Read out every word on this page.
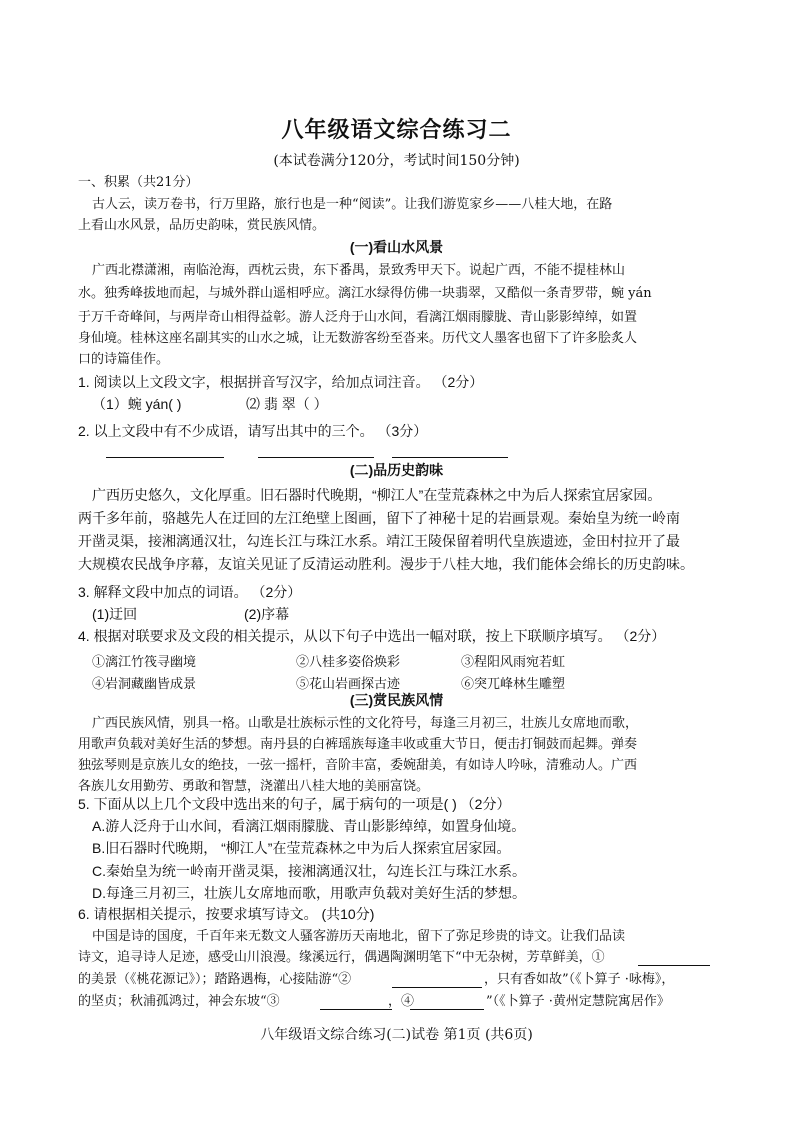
八年级语文综合练习二
(本试卷满分120分，考试时间150分钟)
一、积累（共21分）
古人云，读万卷书，行万里路，旅行也是一种“阅读”。让我们游览家乡——八桂大地，在路
上看山水风景，品历史韵味，赏民族风情。
(一)看山水风景
广西北襟潇湘，南临沧海，西枕云贵，东下番禺，景致秀甲天下。说起广西，不能不提桂林山
水。独秀峰拔地而起，与城外群山遥相呼应。漓江水绿得仿佛一块翡翠，又酷似一条青罗带，蜿 yán
于万千奇峰间，与两岸奇山相得益彰。游人泛舟于山水间，看漓江烟雨朦胧、青山影影绰绰，如置
身仙境。桂林这座名副其实的山水之城，让无数游客纷至沓来。历代文人墨客也留下了许多脍炙人
口的诗篇佳作。
1. 阅读以上文段文字，根据拼音写汉字，给加点词注音。 （2分）
（1）蜿 yán( )	⑵ 翡 翠（ ）
2. 以上文段中有不少成语，请写出其中的三个。 （3分）
(二)品历史韵味
广西历史悠久，文化厚重。旧石器时代晚期，“柳江人”在莹荒森林之中为后人探索宜居家园。
两千多年前，骆越先人在迂回的左江绝壁上图画，留下了神秘十足的岩画景观。秦始皇为统一岭南
开凿灵渠，接湘漓通汉壮，勾连长江与珠江水系。靖江王陵保留着明代皇族遗迹，金田村拉开了最
大规模农民战争序幕，友谊关见证了反清运动胜利。漫步于八桂大地，我们能体会绵长的历史韵味。
3. 解释文段中加点的词语。 （2分）
(1)迂回	(2)序幕
4. 根据对联要求及文段的相关提示，从以下句子中选出一幅对联，按上下联顺序填写。 （2分）
①漓江竹筏寻幽境	②八桂多姿俗焕彩	③程阳风雨宛若虹
④岩洞藏幽皆成景	⑤花山岩画探古迹	⑥突兀峰林生雕塑
(三)赏民族风情
广西民族风情，别具一格。山歌是壮族标示性的文化符号，每逢三月初三，壮族儿女席地而歌，
用歌声负载对美好生活的梦想。南丹县的白裤瑶族每逢丰收或重大节日，便击打铜鼓而起舞。弹奏
独弦琴则是京族儿女的绝技，一弦一摇杆，音阶丰富，委婉甜美，有如诗人吟咏，清雅动人。广西
各族儿女用勤劳、勇敢和智慧，浇灌出八桂大地的美丽富饶。
5. 下面从以上几个文段中选出来的句子，属于病句的一项是( ) （2分）
A.游人泛舟于山水间，看漓江烟雨朦胧、青山影影绰绰，如置身仙境。
B.旧石器时代晚期， “柳江人”在莹荒森林之中为后人探索宜居家园。
C.秦始皇为统一岭南开凿灵渠，接湘漓通汉壮，勾连长江与珠江水系。
D.每逢三月初三，壮族儿女席地而歌，用歌声负载对美好生活的梦想。
6. 请根据相关提示，按要求填写诗文。 (共10分)
中国是诗的国度，千百年来无数文人骚客游历天南地北，留下了弥足珍贵的诗文。让我们品读
诗文，追寻诗人足迹，感受山川浪漫。缘溪远行，偶遇陶渊明笔下“中无杂树，芳草鲜美，①
的美景（《桃花源记》）；踏路遇梅，心接陆游“②	，只有香如故”（《卜算子 ·咏梅》，
的坚贞；秋浦孤鸿过，神会东坡“③	，④	”（《卜算子 ·黄州定慧院寓居作》
八年级语文综合练习(二)试卷 第1页 (共6页)
